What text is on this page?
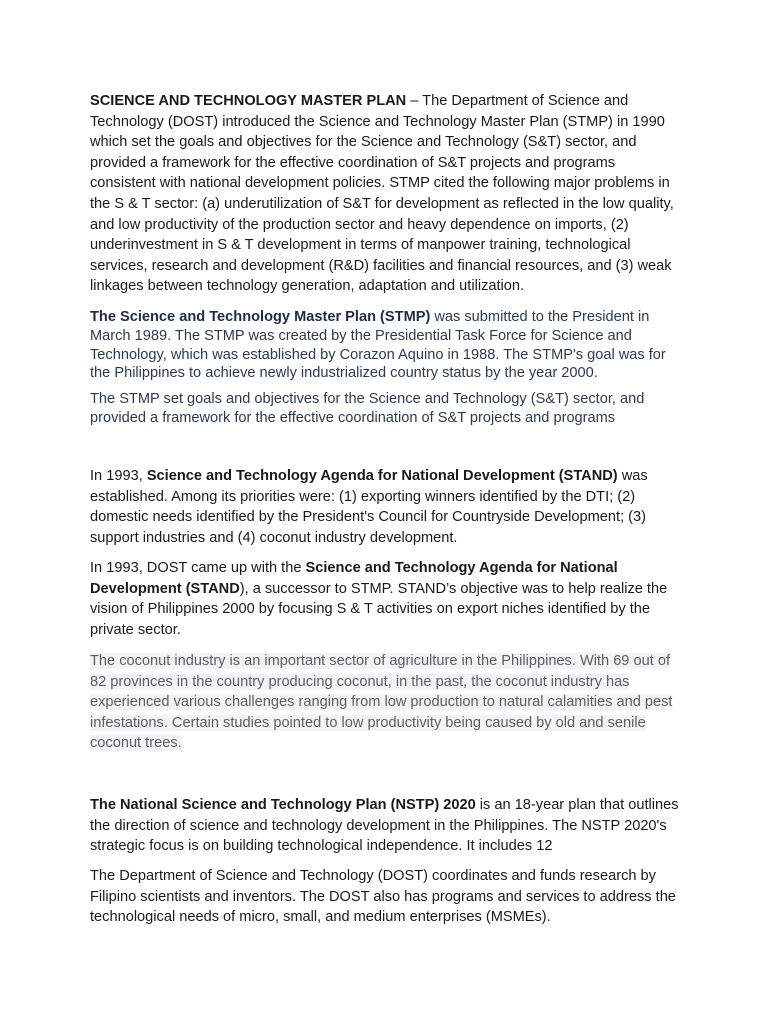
SCIENCE AND TECHNOLOGY MASTER PLAN – The Department of Science and Technology (DOST) introduced the Science and Technology Master Plan (STMP) in 1990 which set the goals and objectives for the Science and Technology (S&T) sector, and provided a framework for the effective coordination of S&T projects and programs consistent with national development policies. STMP cited the following major problems in the S & T sector: (a) underutilization of S&T for development as reflected in the low quality, and low productivity of the production sector and heavy dependence on imports, (2) underinvestment in S & T development in terms of manpower training, technological services, research and development (R&D) facilities and financial resources, and (3) weak linkages between technology generation, adaptation and utilization.

The Science and Technology Master Plan (STMP) was submitted to the President in March 1989. The STMP was created by the Presidential Task Force for Science and Technology, which was established by Corazon Aquino in 1988. The STMP's goal was for the Philippines to achieve newly industrialized country status by the year 2000.

The STMP set goals and objectives for the Science and Technology (S&T) sector, and provided a framework for the effective coordination of S&T projects and programs

In 1993, Science and Technology Agenda for National Development (STAND) was established. Among its priorities were: (1) exporting winners identified by the DTI; (2) domestic needs identified by the President's Council for Countryside Development; (3) support industries and (4) coconut industry development.

In 1993, DOST came up with the Science and Technology Agenda for National Development (STAND), a successor to STMP. STAND’s objective was to help realize the vision of Philippines 2000 by focusing S & T activities on export niches identified by the private sector.

The coconut industry is an important sector of agriculture in the Philippines. With 69 out of 82 provinces in the country producing coconut, in the past, the coconut industry has experienced various challenges ranging from low production to natural calamities and pest infestations. Certain studies pointed to low productivity being caused by old and senile coconut trees.

The National Science and Technology Plan (NSTP) 2020 is an 18-year plan that outlines the direction of science and technology development in the Philippines. The NSTP 2020's strategic focus is on building technological independence. It includes 12

The Department of Science and Technology (DOST) coordinates and funds research by Filipino scientists and inventors. The DOST also has programs and services to address the technological needs of micro, small, and medium enterprises (MSMEs).
